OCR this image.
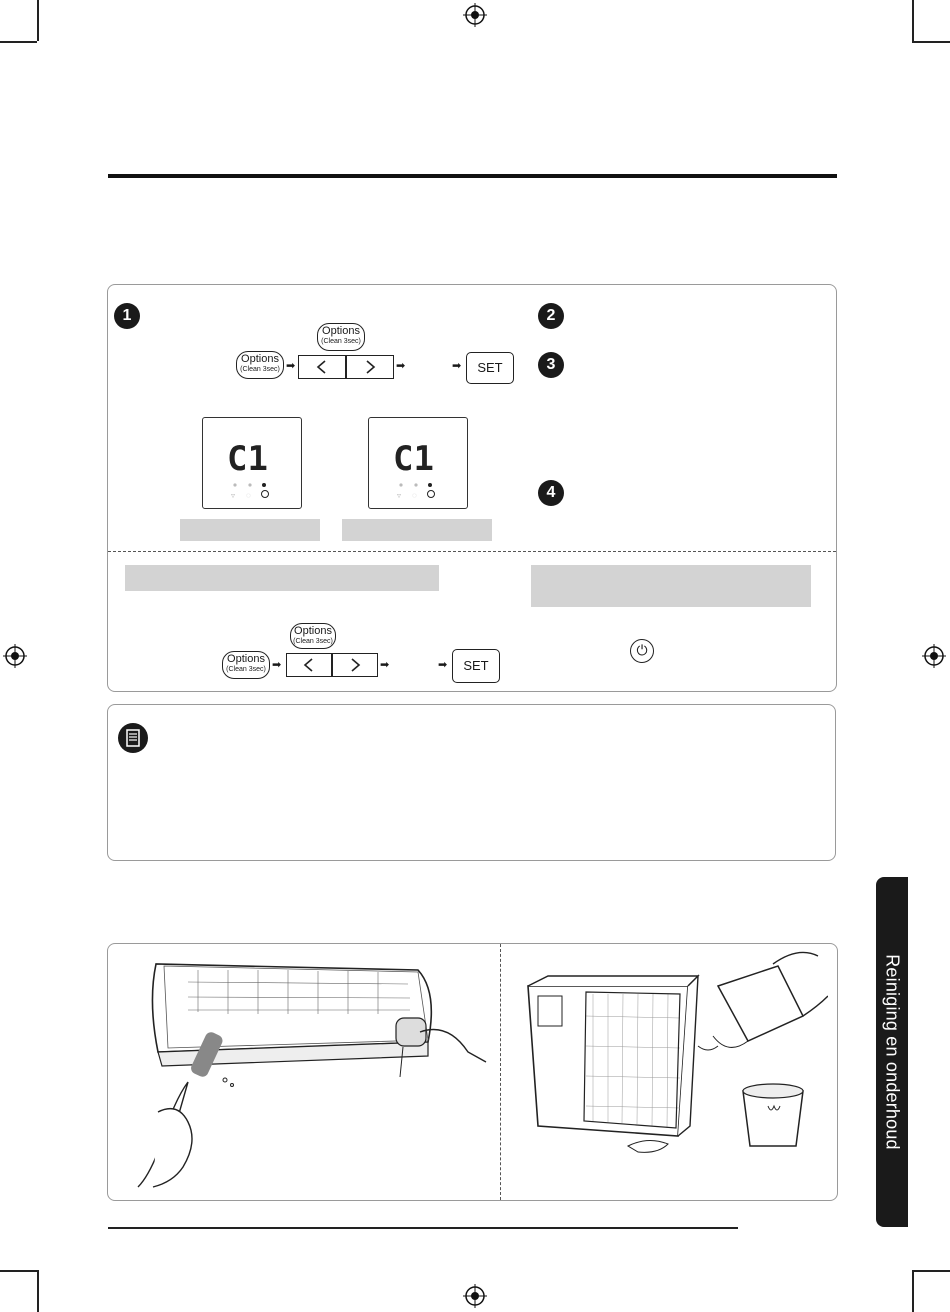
1	2
3
4
Options
(Clean 3sec) ➡
Options
(Clean 3sec)
➡	➡	SET
C1
▿ ◌
C1
▿ ◌
Options
(Clean 3sec) ➡
Options
(Clean 3sec)
➡	➡	SET
⏻
Reiniging en onderhoud
